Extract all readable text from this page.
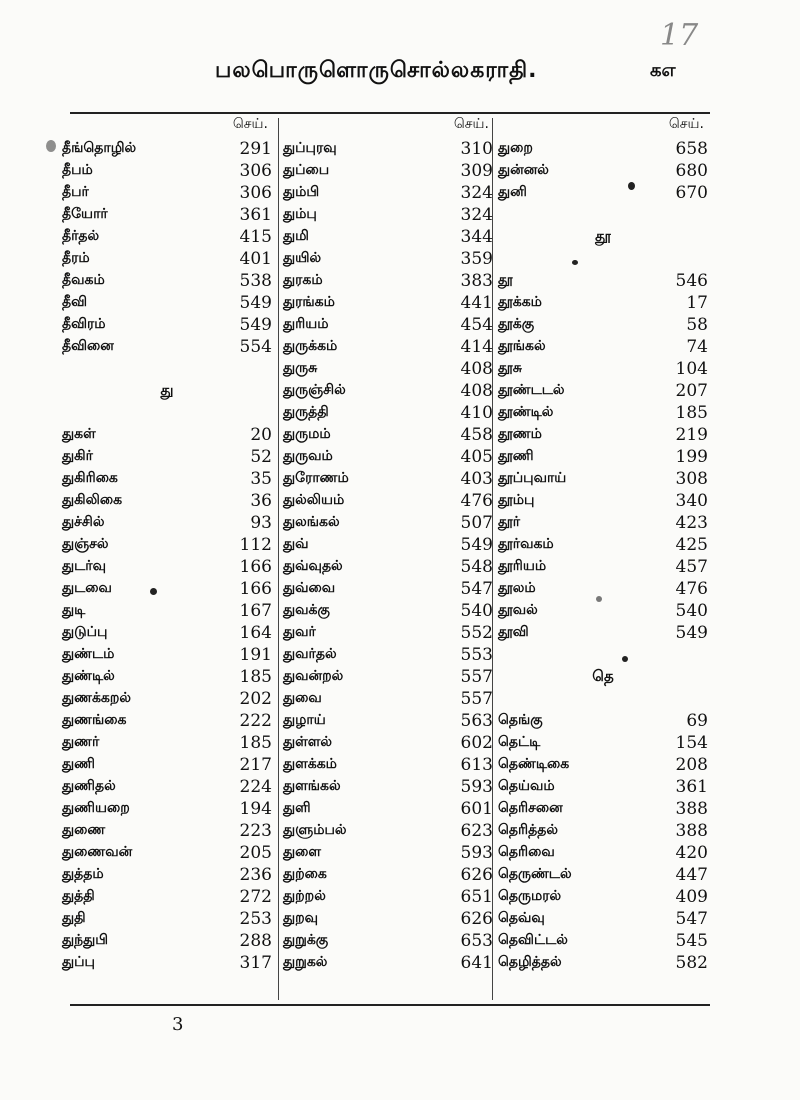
17
பலபொருளொருசொல்லகராதி.	கஎ
செய்.
தீங்தொழில்	291
தீபம்	306
தீபர்	306
தீயோர்	361
தீர்தல்	415
தீரம்	401
தீவகம்	538
தீவி	549
தீவிரம்	549
தீவினை	554
து
துகள்	20
துகிர்	52
துகிரிகை	35
துகிலிகை	36
துச்சில்	93
துஞ்சல்	112
துடர்வு	166
துடவை	166
துடி	167
துடுப்பு	164
துண்டம்	191
துண்டில்	185
துணக்கறல்	202
துணங்கை	222
துணர்	185
துணி	217
துணிதல்	224
துணியறை	194
துணை	223
துணைவன்	205
துத்தம்	236
துத்தி	272
துதி	253
துந்துபி	288
துப்பு	317
செய்.
துப்புரவு	310
துப்பை	309
தும்பி	324
தும்பு	324
துமி	344
துயில்	359
துரகம்	383
துரங்கம்	441
துரியம்	454
துருக்கம்	414
துருசு	408
துருஞ்சில்	408
துருத்தி	410
துருமம்	458
துருவம்	405
துரோணம்	403
துல்லியம்	476
துலங்கல்	507
துவ்	549
துவ்வுதல்	548
துவ்வை	547
துவக்கு	540
துவர்	552
துவர்தல்	553
துவன்றல்	557
துவை	557
துழாய்	563
துள்ளல்	602
துளக்கம்	613
துளங்கல்	593
துளி	601
துளும்பல்	623
துளை	593
துற்கை	626
துற்றல்	651
துறவு	626
துறுக்கு	653
துறுகல்	641
செய்.
துறை	658
துன்னல்	680
துனி	670
தூ
தூ	546
தூக்கம்	17
தூக்கு	58
தூங்கல்	74
தூசு	104
தூண்டடல்	207
தூண்டில்	185
தூணம்	219
தூணி	199
தூப்புவாய்	308
தூம்பு	340
தூர்	423
தூர்வகம்	425
தூரியம்	457
தூலம்	476
தூவல்	540
தூவி	549
தெ
தெங்கு	69
தெட்டி	154
தெண்டிகை	208
தெய்வம்	361
தெரிசனை	388
தெரித்தல்	388
தெரிவை	420
தெருண்டல்	447
தெருமரல்	409
தெவ்வு	547
தெவிட்டல்	545
தெழித்தல்	582
3
